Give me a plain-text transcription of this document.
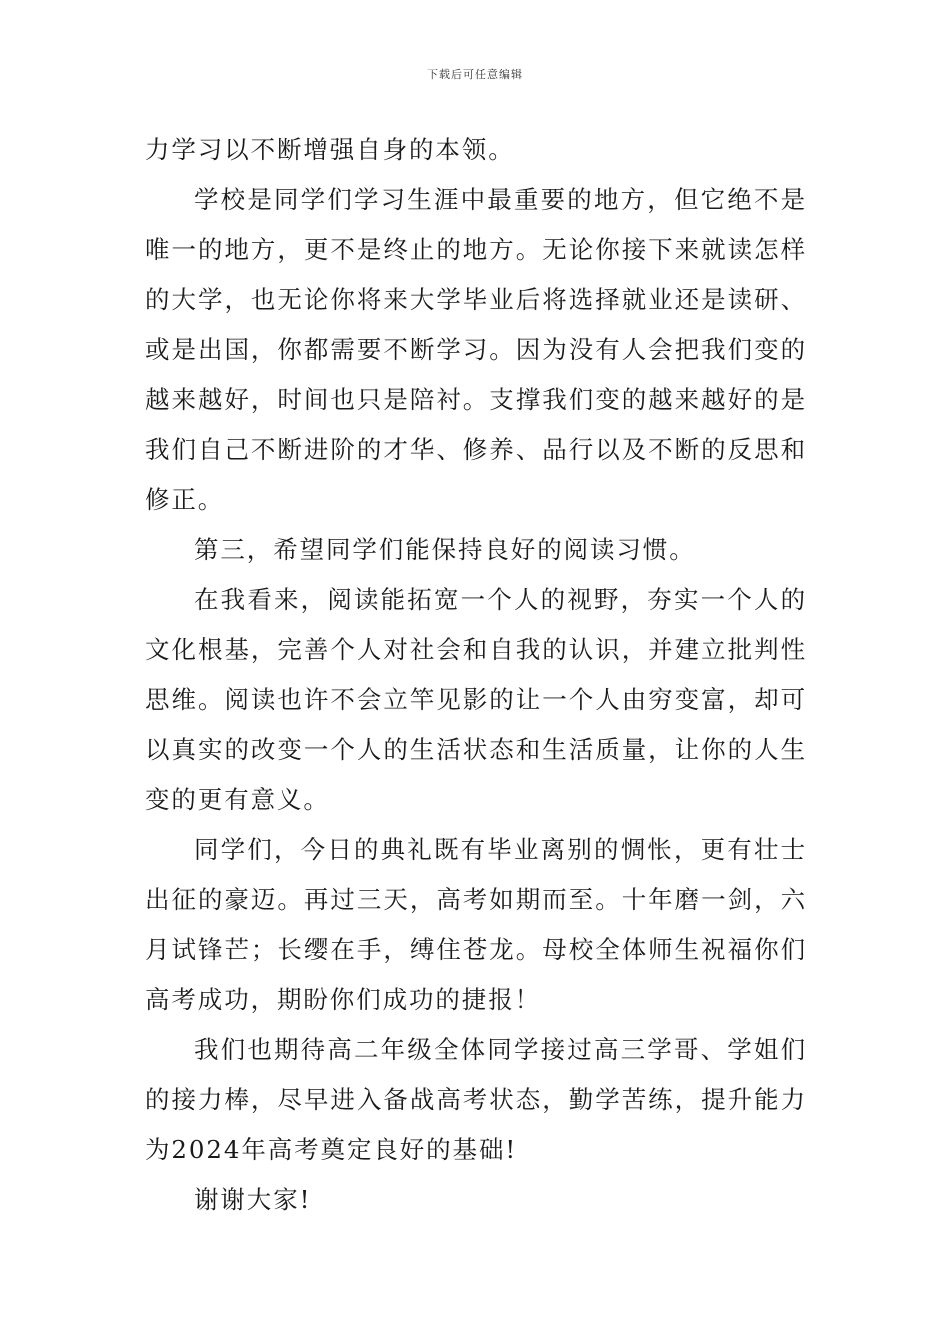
下载后可任意编辑

力学习以不断增强自身的本领。

学校是同学们学习生涯中最重要的地方，但它绝不是唯一的地方，更不是终止的地方。无论你接下来就读怎样的大学，也无论你将来大学毕业后将选择就业还是读研、或是出国，你都需要不断学习。因为没有人会把我们变的越来越好，时间也只是陪衬。支撑我们变的越来越好的是我们自己不断进阶的才华、修养、品行以及不断的反思和修正。

第三，希望同学们能保持良好的阅读习惯。

在我看来，阅读能拓宽一个人的视野，夯实一个人的文化根基，完善个人对社会和自我的认识，并建立批判性思维。阅读也许不会立竿见影的让一个人由穷变富，却可以真实的改变一个人的生活状态和生活质量，让你的人生变的更有意义。

同学们，今日的典礼既有毕业离别的惆怅，更有壮士出征的豪迈。再过三天，高考如期而至。十年磨一剑，六月试锋芒；长缨在手，缚住苍龙。母校全体师生祝福你们高考成功，期盼你们成功的捷报！

我们也期待高二年级全体同学接过高三学哥、学姐们的接力棒，尽早进入备战高考状态，勤学苦练，提升能力为2024年高考奠定良好的基础!

谢谢大家!
